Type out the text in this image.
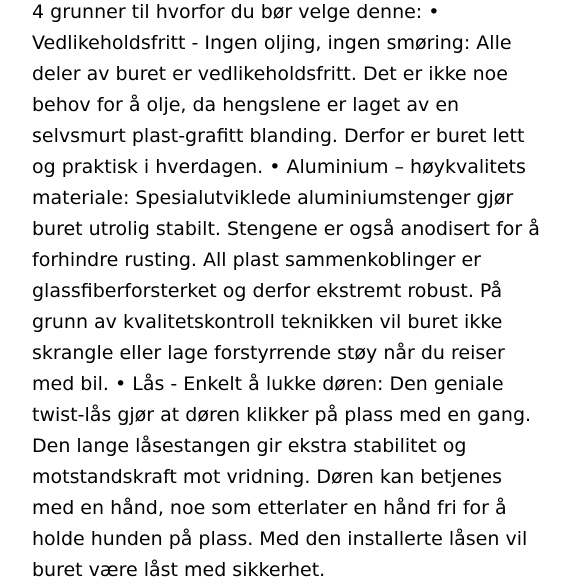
4 grunner til hvorfor du bør velge denne: •
Vedlikeholdsfritt - Ingen oljing, ingen smøring: Alle
deler av buret er vedlikeholdsfritt. Det er ikke noe
behov for å olje, da hengslene er laget av en
selvsmurt plast-grafitt blanding. Derfor er buret lett
og praktisk i hverdagen. • Aluminium – høykvalitets
materiale: Spesialutviklede aluminiumstenger gjør
buret utrolig stabilt. Stengene er også anodisert for å
forhindre rusting. All plast sammenkoblinger er
glassfiberforsterket og derfor ekstremt robust. På
grunn av kvalitetskontroll teknikken vil buret ikke
skrangle eller lage forstyrrende støy når du reiser
med bil. • Lås - Enkelt å lukke døren: Den geniale
twist-lås gjør at døren klikker på plass med en gang.
Den lange låsestangen gir ekstra stabilitet og
motstandskraft mot vridning. Døren kan betjenes
med en hånd, noe som etterlater en hånd fri for å
holde hunden på plass. Med den installerte låsen vil
buret være låst med sikkerhet.
